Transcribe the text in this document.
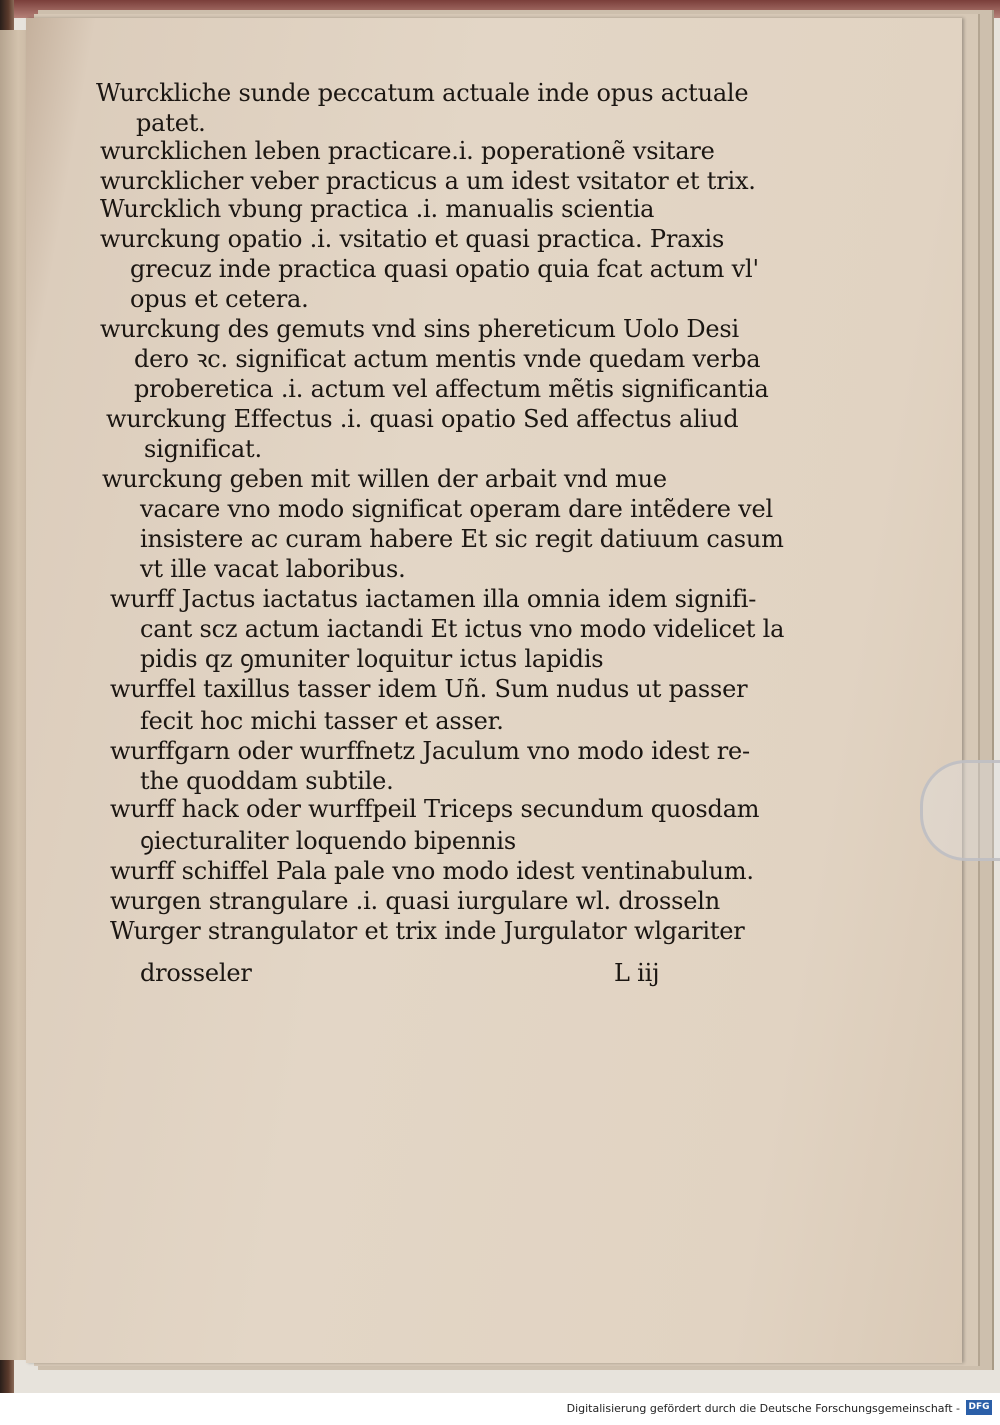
Wurckliche sunde peccatum actuale inde opus actuale
patet.
wurcklichen leben practicare.i. poperationẽ vsitare
wurcklicher veber practicus a um idest vsitator et trix.
Wurcklich vbung practica .i. manualis scientia
wurckung opatio .i. vsitatio et quasi practica. Praxis
grecuz inde practica quasi opatio quia fcat actum vl'
opus et cetera.
wurckung des gemuts vnd sins phereticum Uolo Desi
dero ꝛc. significat actum mentis vnde quedam verba
proberetica .i. actum vel affectum mẽtis significantia
wurckung Effectus .i. quasi opatio Sed affectus aliud
significat.
wurckung geben mit willen der arbait vnd mue
vacare vno modo significat operam dare intẽdere vel
insistere ac curam habere Et sic regit datiuum casum
vt ille vacat laboribus.
wurff Jactus iactatus iactamen illa omnia idem signifi-
cant scz actum iactandi Et ictus vno modo videlicet la
pidis qz ꝯmuniter loquitur ictus lapidis
wurffel taxillus tasser idem Uñ. Sum nudus ut passer
fecit hoc michi tasser et asser.
wurffgarn oder wurffnetz Jaculum vno modo idest re-
the quoddam subtile.
wurff hack oder wurffpeil Triceps secundum quosdam
ꝯiecturaliter loquendo bipennis
wurff schiffel Pala pale vno modo idest ventinabulum.
wurgen strangulare .i. quasi iurgulare wl. drosseln
Wurger strangulator et trix inde Jurgulator wlgariter
drosseler	L iij
Digitalisierung gefördert durch die Deutsche Forschungsgemeinschaft - DFG
